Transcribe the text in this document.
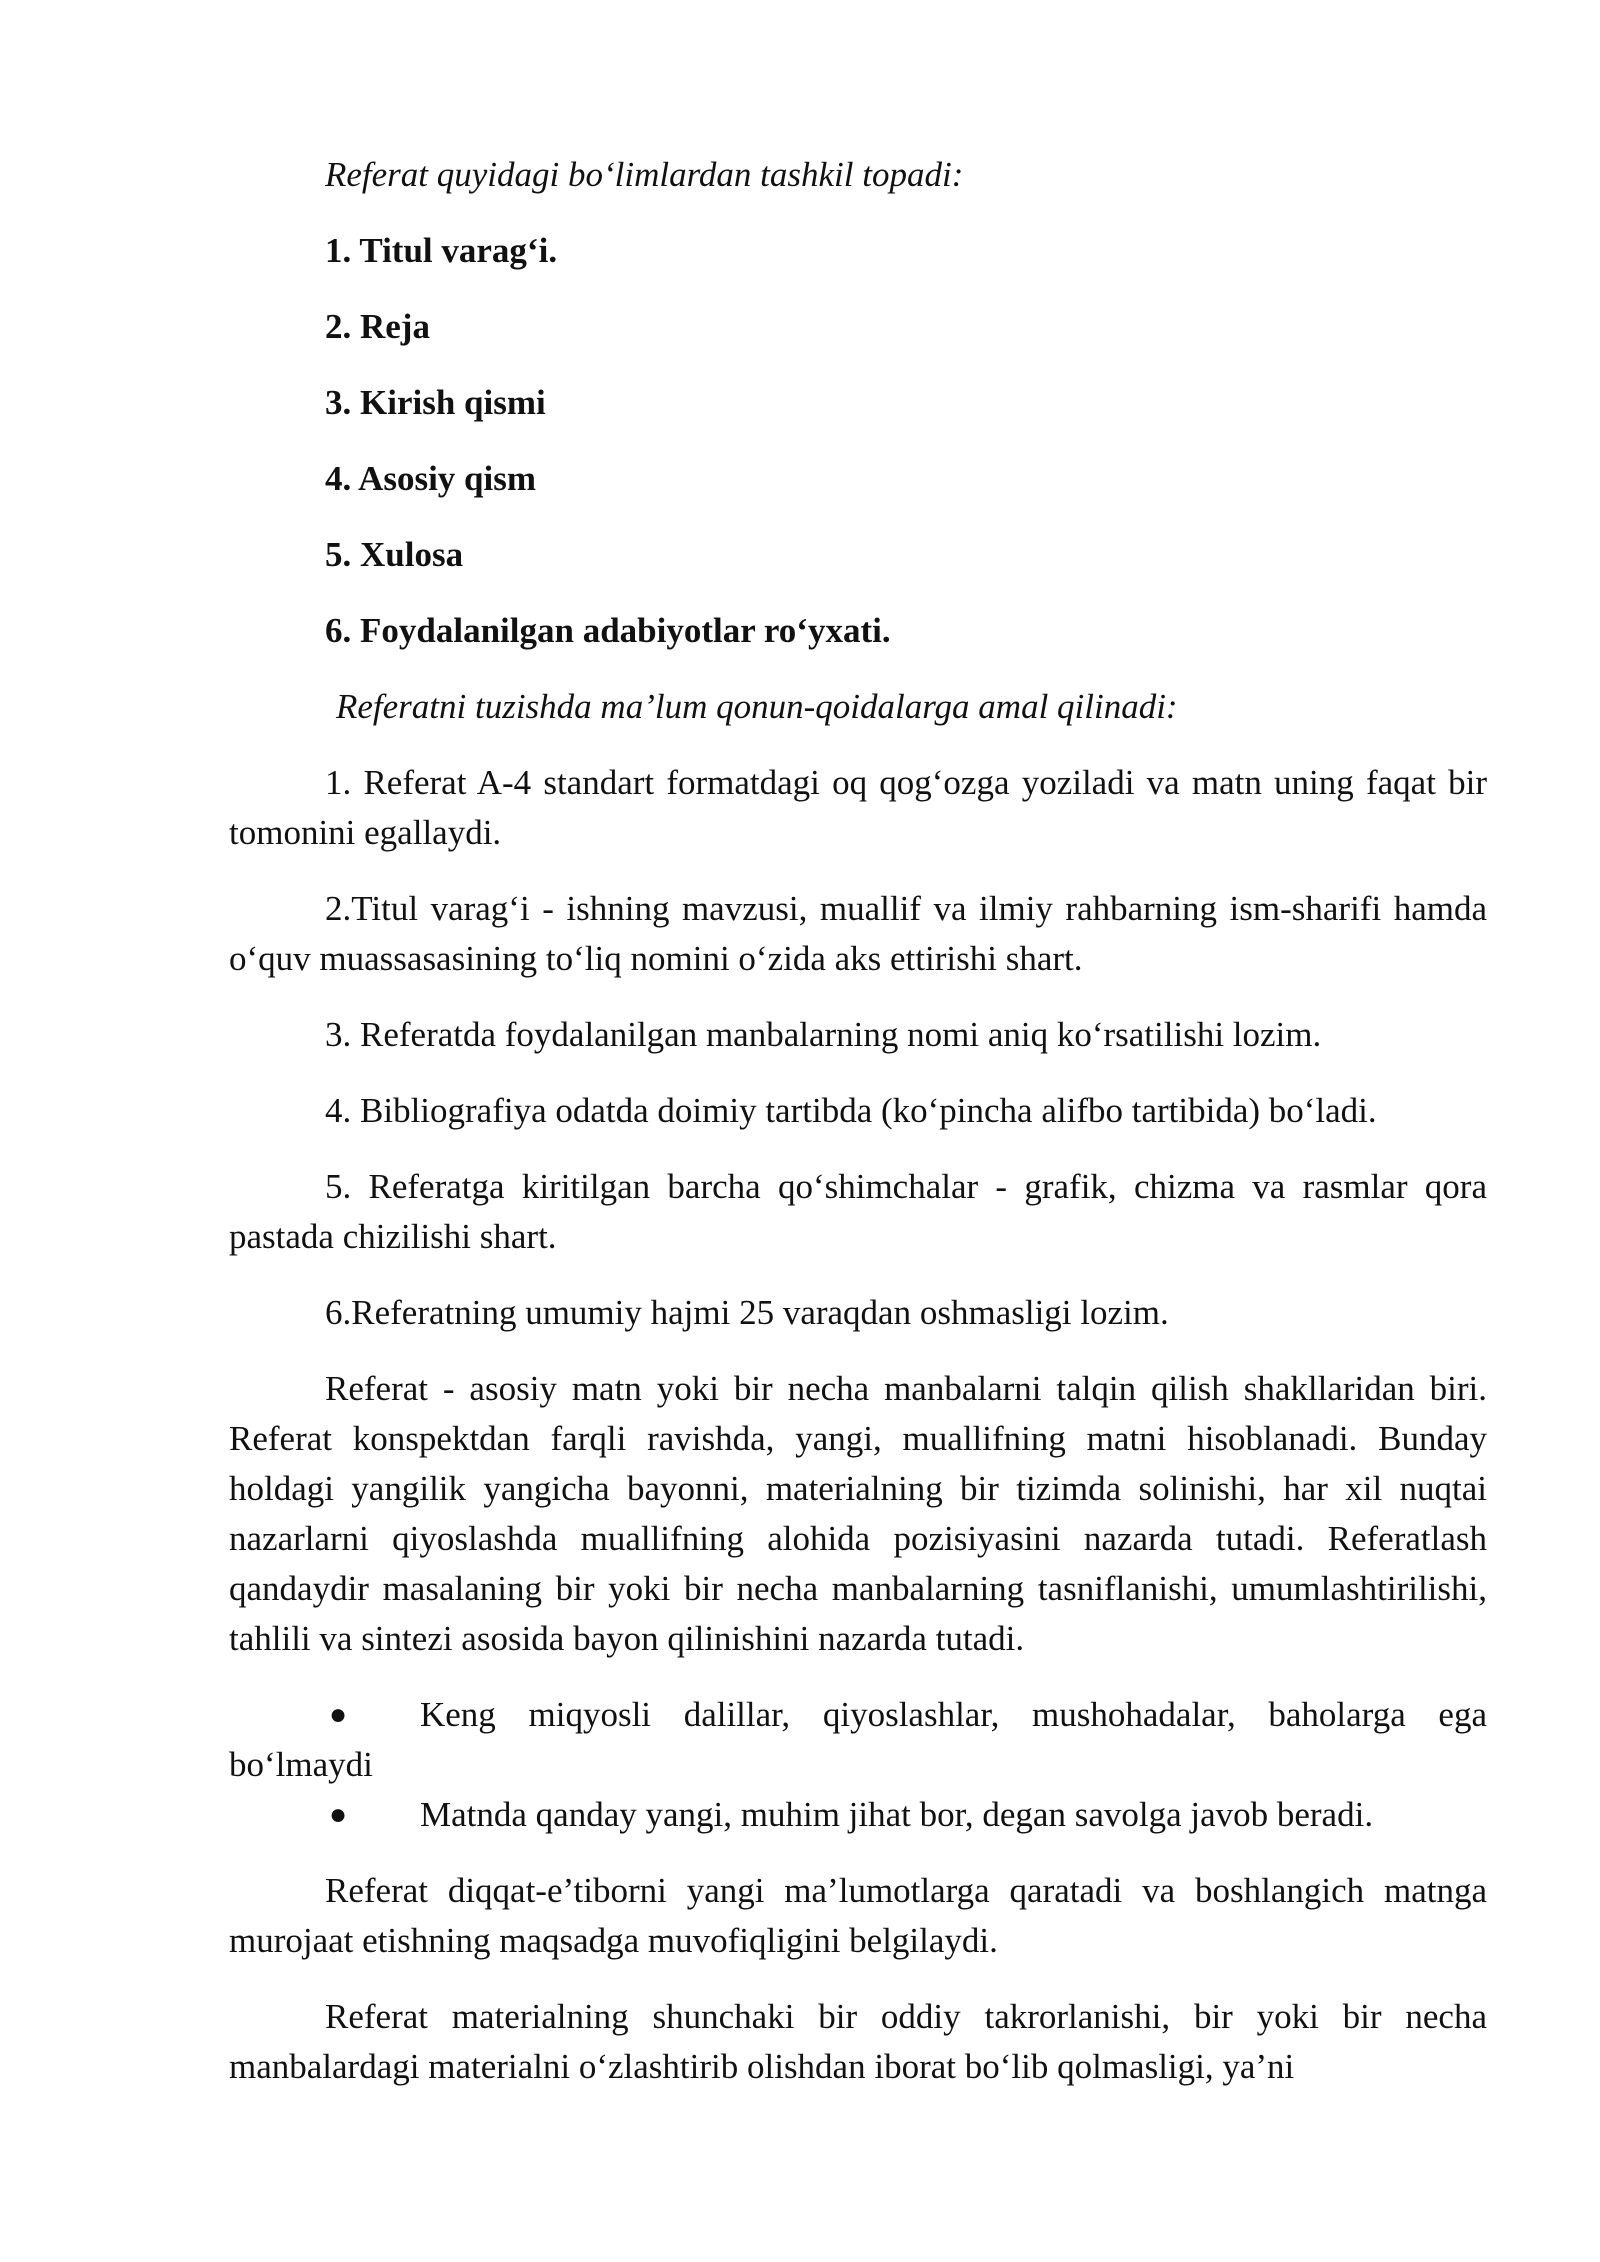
Referat quyidagi bo‘limlardan tashkil topadi:

1. Titul varag‘i.

2. Reja

3. Kirish qismi

4. Asosiy qism

5. Xulosa

6. Foydalanilgan adabiyotlar ro‘yxati.

Referatni tuzishda ma’lum qonun-qoidalarga amal qilinadi:

1. Referat A-4 standart formatdagi oq qog‘ozga yoziladi va matn uning faqat bir tomonini egallaydi.

2.Titul varag‘i - ishning mavzusi, muallif va ilmiy rahbarning ism-sharifi hamda o‘quv muassasasining to‘liq nomini o‘zida aks ettirishi shart.

3. Referatda foydalanilgan manbalarning nomi aniq ko‘rsatilishi lozim.

4. Bibliografiya odatda doimiy tartibda (ko‘pincha alifbo tartibida) bo‘ladi.

5. Referatga kiritilgan barcha qo‘shimchalar - grafik, chizma va rasmlar qora pastada chizilishi shart.

6.Referatning umumiy hajmi 25 varaqdan oshmasligi lozim.

Referat - asosiy matn yoki bir necha manbalarni talqin qilish shakllaridan biri. Referat konspektdan farqli ravishda, yangi, muallifning matni hisoblanadi. Bunday holdagi yangilik yangicha bayonni, materialning bir tizimda solinishi, har xil nuqtai nazarlarni qiyoslashda muallifning alohida pozisiyasini nazarda tutadi. Referatlash qandaydir masalaning bir yoki bir necha manbalarning tasniflanishi, umumlashtirilishi, tahlili va sintezi asosida bayon qilinishini nazarda tutadi.

● Keng miqyosli dalillar, qiyoslashlar, mushohadalar, baholarga ega bo‘lmaydi
● Matnda qanday yangi, muhim jihat bor, degan savolga javob beradi.

Referat diqqat-e’tiborni yangi ma’lumotlarga qaratadi va boshlangich matnga murojaat etishning maqsadga muvofiqligini belgilaydi.

Referat materialning shunchaki bir oddiy takrorlanishi, bir yoki bir necha manbalardagi materialni o‘zlashtirib olishdan iborat bo‘lib qolmasligi, ya’ni
